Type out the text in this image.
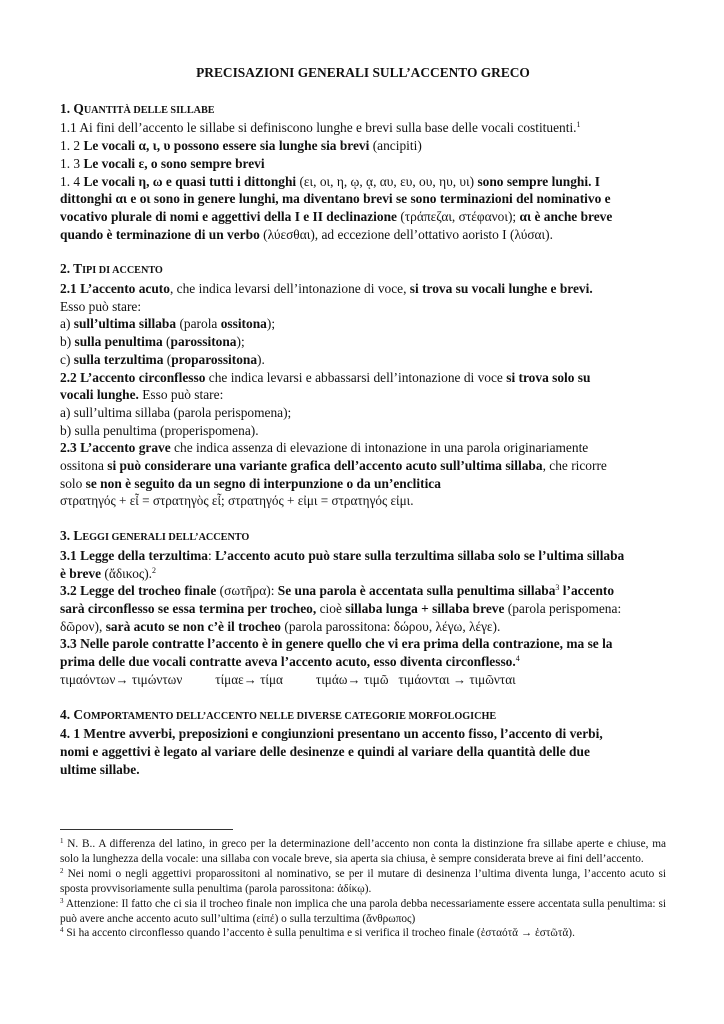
PRECISAZIONI GENERALI SULL’ACCENTO GRECO
1. QUANTITÀ DELLE SILLABE
1.1 Ai fini dell’accento le sillabe si definiscono lunghe e brevi sulla base delle vocali costituenti.$^1$
1. 2 Le vocali α, ι, υ possono essere sia lunghe sia brevi (ancipiti)
1. 3 Le vocali ε, ο sono sempre brevi
1. 4 Le vocali η, ω e quasi tutti i dittonghi (ει, οι, η, ῳ, ᾳ, αυ, ευ, ου, ηυ, υι) sono sempre lunghi. I
dittonghi αι e οι sono in genere lunghi, ma diventano brevi se sono terminazioni del nominativo e
vocativo plurale di nomi e aggettivi della I e II declinazione (τράπεζαι, στέφανοι); αι è anche breve
quando è terminazione di un verbo (λύεσθαι), ad eccezione dell’ottativo aoristo I (λύσαι).
2. TIPI DI ACCENTO
2.1 L’accento acuto, che indica levarsi dell’intonazione di voce, si trova su vocali lunghe e brevi.
Esso può stare:
a) sull’ultima sillaba (parola ossitona);
b) sulla penultima (parossitona);
c) sulla terzultima (proparossitona).
2.2 L’accento circonflesso che indica levarsi e abbassarsi dell’intonazione di voce si trova solo su
vocali lunghe. Esso può stare:
a) sull’ultima sillaba (parola perispomena);
b) sulla penultima (properispomena).
2.3 L’accento grave che indica assenza di elevazione di intonazione in una parola originariamente
ossitona si può considerare una variante grafica dell’accento acuto sull’ultima sillaba, che ricorre
solo se non è seguito da un segno di interpunzione o da un’enclitica
στρατηγός + εἶ = στρατηγὸς εἶ; στρατηγός + εἰμι = στρατηγός εἰμι.
3. LEGGI GENERALI DELL’ACCENTO
3.1 Legge della terzultima: L’accento acuto può stare sulla terzultima sillaba solo se l’ultima sillaba
è breve (ἄδικος).$^2$
3.2 Legge del trocheo finale (σωτῆρα): Se una parola è accentata sulla penultima sillaba$^3$ l’accento
sarà circonflesso se essa termina per trocheo, cioè sillaba lunga + sillaba breve (parola perispomena:
δῶρον), sarà acuto se non c’è il trocheo (parola parossitona: δώρου, λέγω, λέγε).
3.3 Nelle parole contratte l’accento è in genere quello che vi era prima della contrazione, ma se la
prima delle due vocali contratte aveva l’accento acuto, esso diventa circonflesso.$^4$
τιμαόντων→ τιμώντων          τίμαε→ τίμα          τιμάω→ τιμῶ   τιμάονται → τιμῶνται
4. COMPORTAMENTO DELL’ACCENTO NELLE DIVERSE CATEGORIE MORFOLOGICHE
4. 1 Mentre avverbi, preposizioni e congiunzioni presentano un accento fisso, l’accento di verbi,
nomi e aggettivi è legato al variare delle desinenze e quindi al variare della quantità delle due
ultime sillabe.
$^1$ N. B.. A differenza del latino, in greco per la determinazione dell’accento non conta la distinzione fra sillabe aperte e chiuse, ma solo la lunghezza della vocale: una sillaba con vocale breve, sia aperta sia chiusa, è sempre considerata breve ai fini dell’accento.
$^2$ Nei nomi o negli aggettivi proparossitoni al nominativo, se per il mutare di desinenza l’ultima diventa lunga, l’accento acuto si sposta provvisoriamente sulla penultima (parola parossitona: ἀδίκῳ).
$^3$ Attenzione: Il fatto che ci sia il trocheo finale non implica che una parola debba necessariamente essere accentata sulla penultima: si può avere anche accento acuto sull’ultima (εἰπέ) o sulla terzultima (ἄνθρωπος)
$^4$ Si ha accento circonflesso quando l’accento è sulla penultima e si verifica il trocheo finale (ἑσταότᾰ → ἑστῶτᾰ).
